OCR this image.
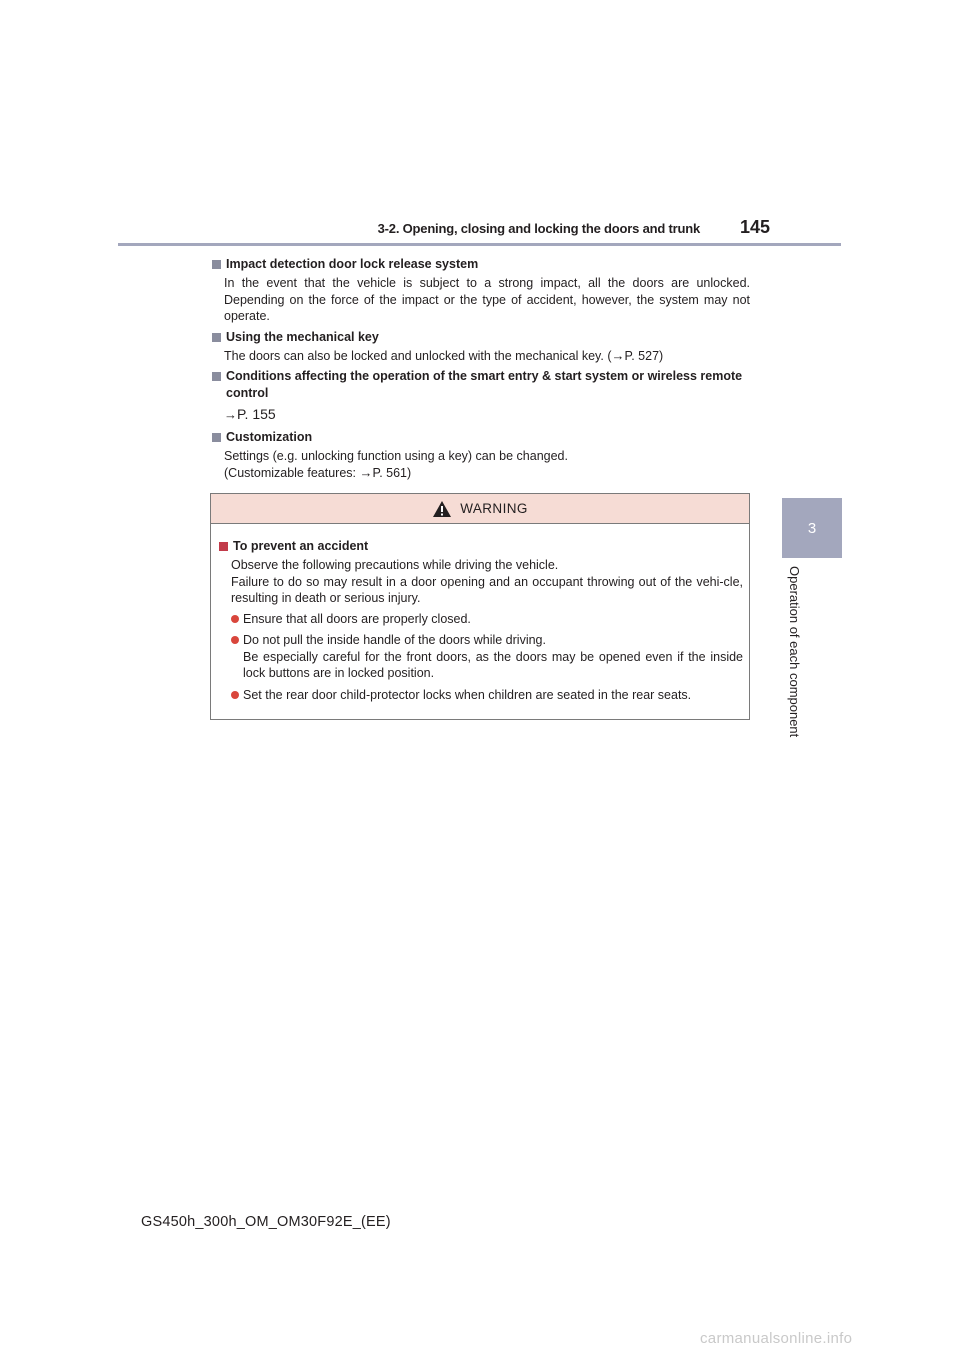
3-2. Opening, closing and locking the doors and trunk 145
3
Operation of each component
Impact detection door lock release system
In the event that the vehicle is subject to a strong impact, all the doors are unlocked. Depending on the force of the impact or the type of accident, however, the system may not operate.
Using the mechanical key
The doors can also be locked and unlocked with the mechanical key. (→P. 527)
Conditions affecting the operation of the smart entry & start system or wireless remote control
→P. 155
Customization
Settings (e.g. unlocking function using a key) can be changed.
(Customizable features: →P. 561)
WARNING
To prevent an accident
Observe the following precautions while driving the vehicle.
Failure to do so may result in a door opening and an occupant throwing out of the vehi-cle, resulting in death or serious injury.
Ensure that all doors are properly closed.
Do not pull the inside handle of the doors while driving.
Be especially careful for the front doors, as the doors may be opened even if the inside lock buttons are in locked position.
Set the rear door child-protector locks when children are seated in the rear seats.
GS450h_300h_OM_OM30F92E_(EE)
carmanualsonline.info
